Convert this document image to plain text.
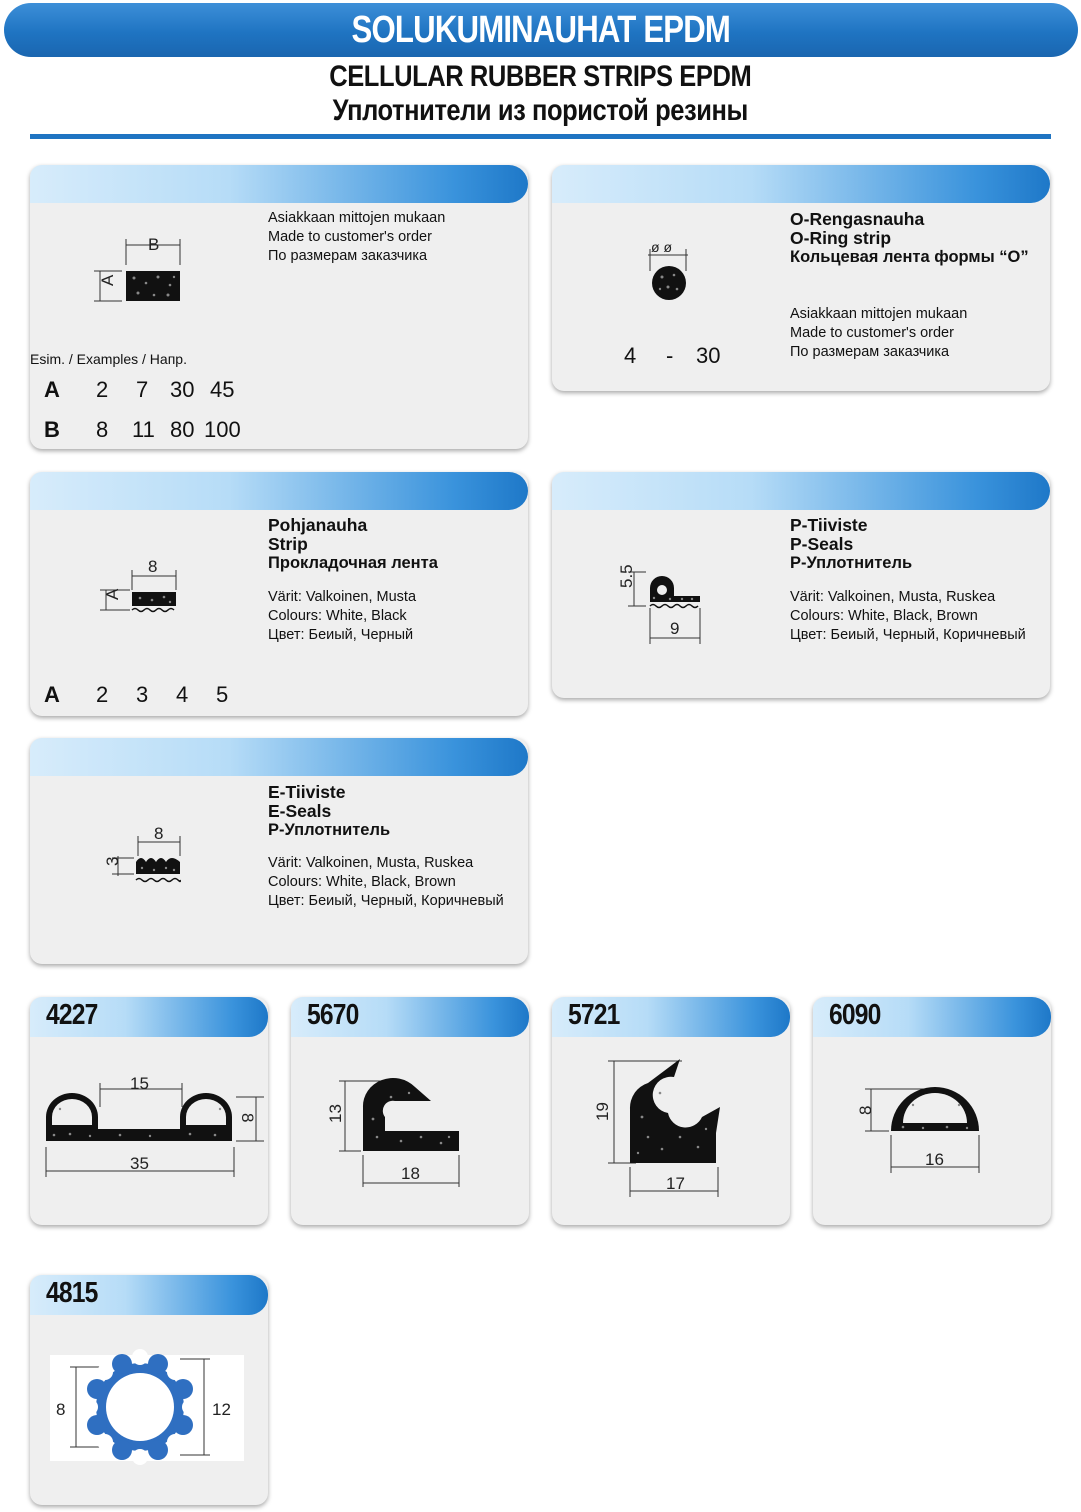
SOLUKUMINAUHAT EPDM
CELLULAR RUBBER STRIPS EPDM
Уплотнители из пористой резины
Asiakkaan mittojen mukaan
Made to customer's order
По размерам заказчика
B
A
Esim. / Examples / Напр.
A 2 7 30 45
B 8 11 80 100
O-Rengasnauha
O-Ring strip
Кольцевая лента формы “O”
Asiakkaan mittojen mukaan
Made to customer's order
По размерам заказчика
ø ø
4 - 30
Pohjanauha
Strip
Прокладочная лента
Värit: Valkoinen, Musta
Colours: White, Black
Цвет: Беиый, Черный
8
A
A 2 3 4 5
P-Tiiviste
P-Seals
P-Уплотнитель
Värit: Valkoinen, Musta, Ruskea
Colours: White, Black, Brown
Цвет: Беиый, Черный, Коричневый
5.5
9
E-Tiiviste
E-Seals
P-Уплотнитель
Värit: Valkoinen, Musta, Ruskea
Colours: White, Black, Brown
Цвет: Беиый, Черный, Коричневый
8
3
4227
15
8
35
5670
13
18
5721
19
17
6090
8
16
4815
8	12
